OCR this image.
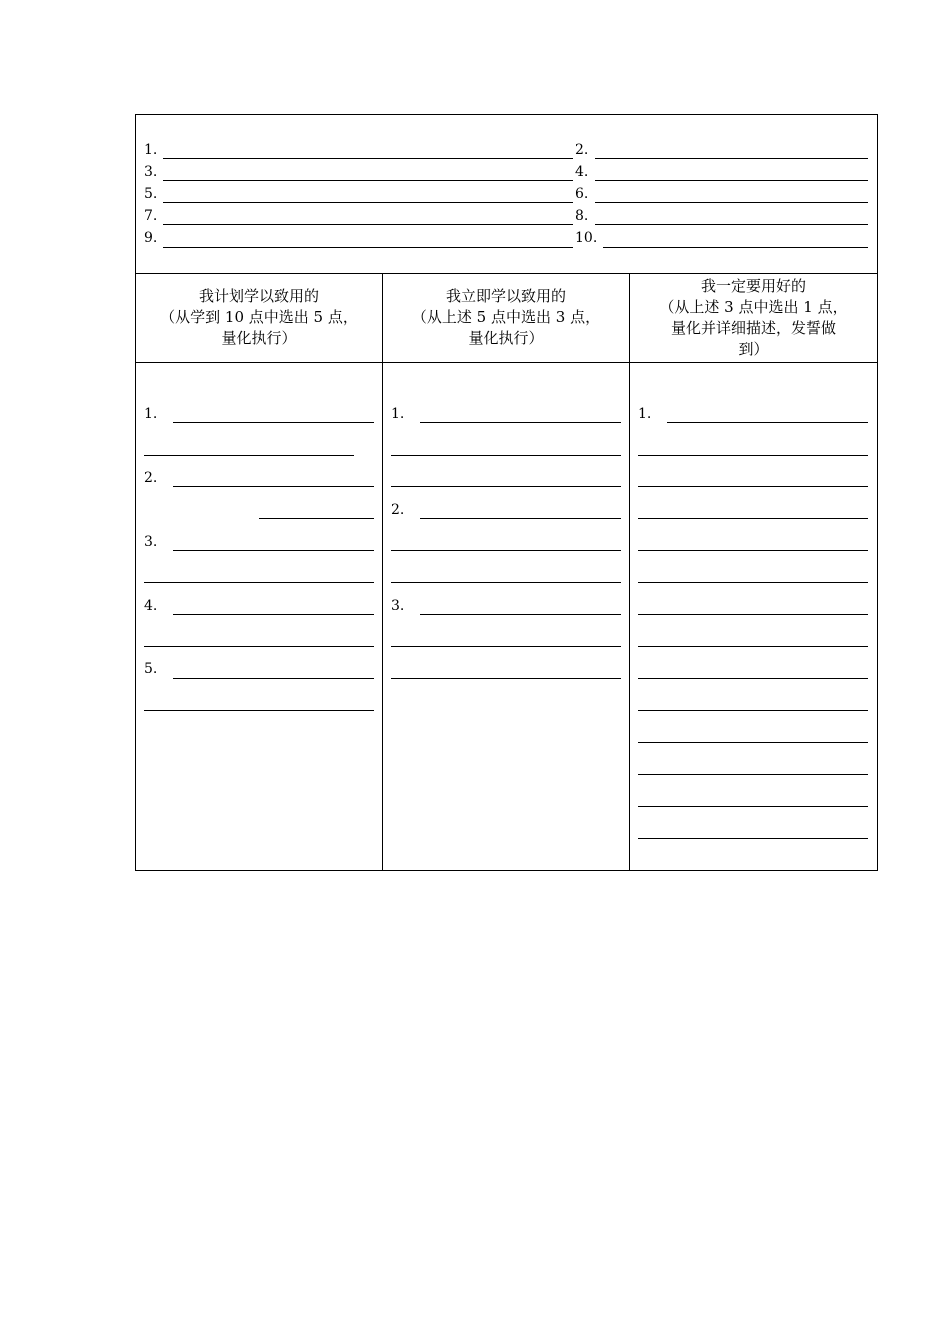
1.
3.
5.
7.
9.
2.
4.
6.
8.
10.
我计划学以致用的
（从学到 10 点中选出 5 点，
量化执行）
我立即学以致用的
（从上述 5 点中选出 3 点，
量化执行）
我一定要用好的
（从上述 3 点中选出 1 点，
量化并详细描述，发誓做
到）
1.
2.
3.
4.
5.
1.
2.
3.
1.
